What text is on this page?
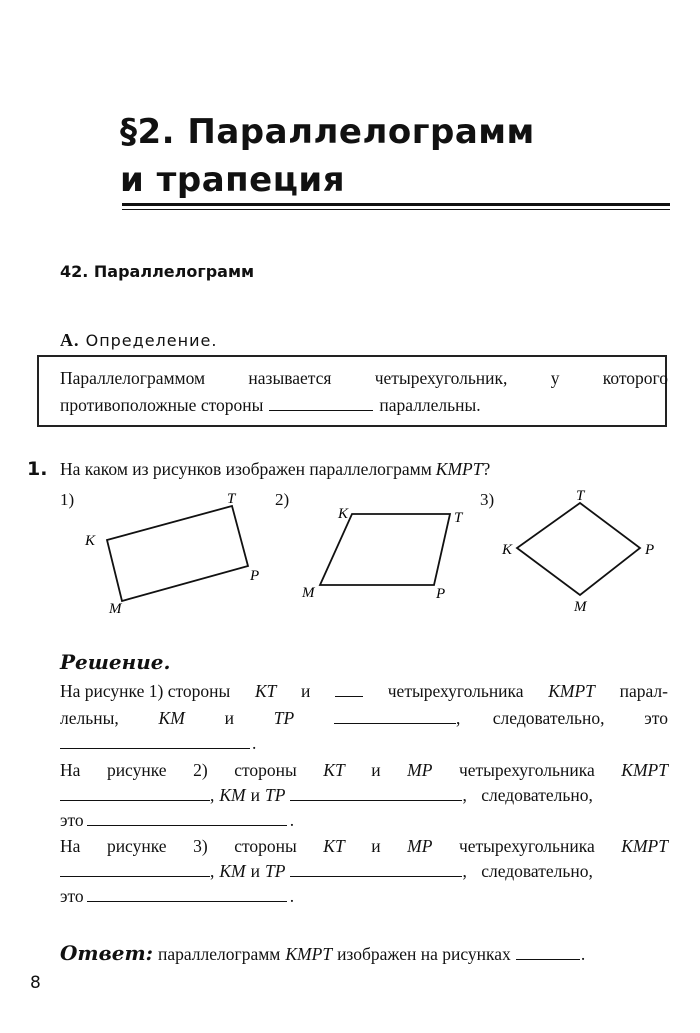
§2. Параллелограмм
и трапеция
42. Параллелограмм
А. Определение.
Параллелограммом называется четырехугольник, у которого
противоположные стороны	параллельны.
1. На каком из рисунков изображен параллелограмм KMPT ?
1)	2)	3)
K
T
P
M
K	T
P
M
T
P
M
K
Решение.
На рисунке 1) стороны KT и	четырехугольника KMPT парал-
лельны, KM и TP	, следовательно, это
.
На рисунке 2) стороны KT и MP четырехугольника KMPT
, KM и TP	, следовательно,
это	.
На рисунке 3) стороны KT и MP четырехугольника KMPT
, KM и TP	, следовательно,
это	.
Ответ: параллелограмм KMPT изображен на рисунках	.
8
